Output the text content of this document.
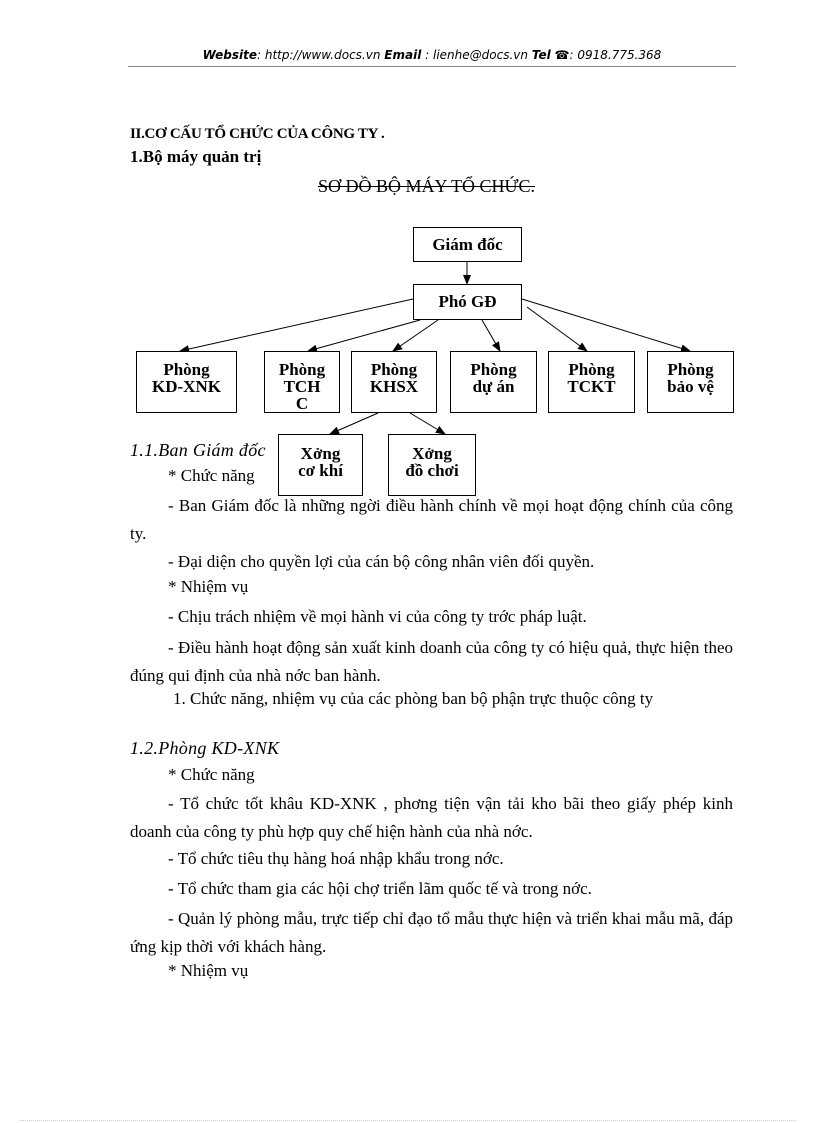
Website: http://www.docs.vn Email : lienhe@docs.vn Tel ☎: 0918.775.368
II.CƠ CẤU TỔ CHỨC CỦA CÔNG TY .
1.Bộ máy quản trị
SƠ ĐỒ BỘ MÁY TỔ CHỨC.
Giám đốc
Phó GĐ
Phòng
KD-XNK
Phòng
TCH
C
Phòng
KHSX
Phòng
dự án
Phòng
TCKT
Phòng
bảo vệ
Xởng
cơ khí
Xởng
đồ chơi
1.1.Ban Giám đốc
* Chức năng
- Ban Giám đốc là những ngời điều hành chính về mọi hoạt động chính của công ty.
- Đại diện cho quyền lợi của cán bộ công nhân viên đối quyền.
* Nhiệm vụ
- Chịu trách nhiệm về mọi hành vi của công ty trớc pháp luật.
- Điều hành hoạt động sản xuất kinh doanh của công ty có hiệu quả, thực hiện theo đúng qui định của nhà nớc ban hành.
1. Chức năng, nhiệm vụ của các phòng ban bộ phận trực thuộc công ty
1.2.Phòng KD-XNK
* Chức năng
- Tổ chức tốt khâu KD-XNK , phơng tiện vận tải kho bãi theo giấy phép kinh doanh của công ty phù hợp quy chế hiện hành của nhà nớc.
- Tổ chức tiêu thụ hàng hoá nhập khẩu trong nớc.
- Tổ chức tham gia các hội chợ triển lãm quốc tế và trong nớc.
- Quản lý phòng mẫu, trực tiếp chỉ đạo tổ mẫu thực hiện và triển khai mẫu mã, đáp ứng kịp thời với khách hàng.
* Nhiệm vụ
